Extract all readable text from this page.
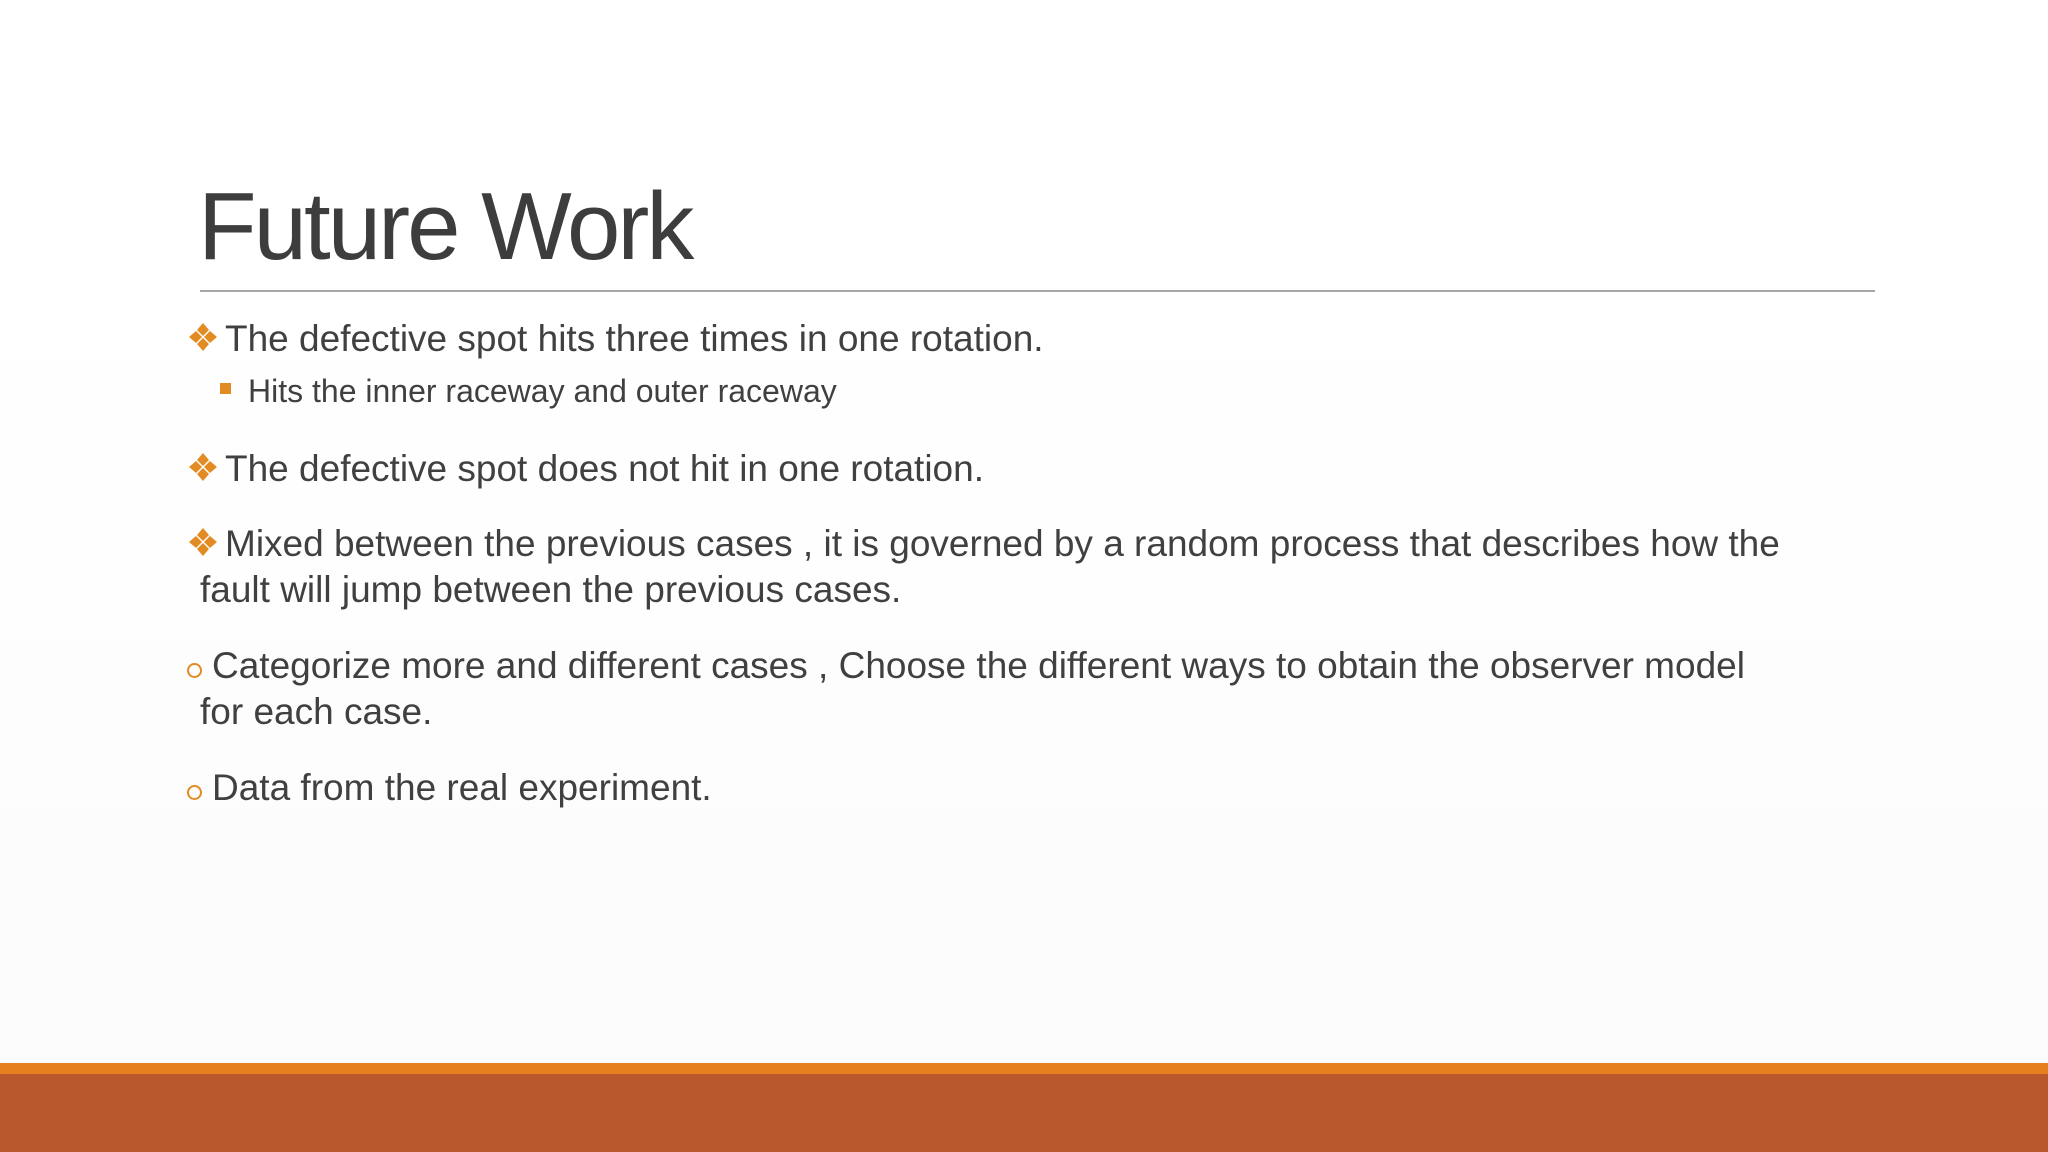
Future Work
The defective spot hits three times in one rotation.
Hits the inner raceway and outer raceway
The defective spot does not hit in one rotation.
Mixed between the previous cases , it is governed by a random process that describes how the
fault will jump between the previous cases.
Categorize more and different cases , Choose the different ways to obtain the observer model
for each case.
Data from the real experiment.
